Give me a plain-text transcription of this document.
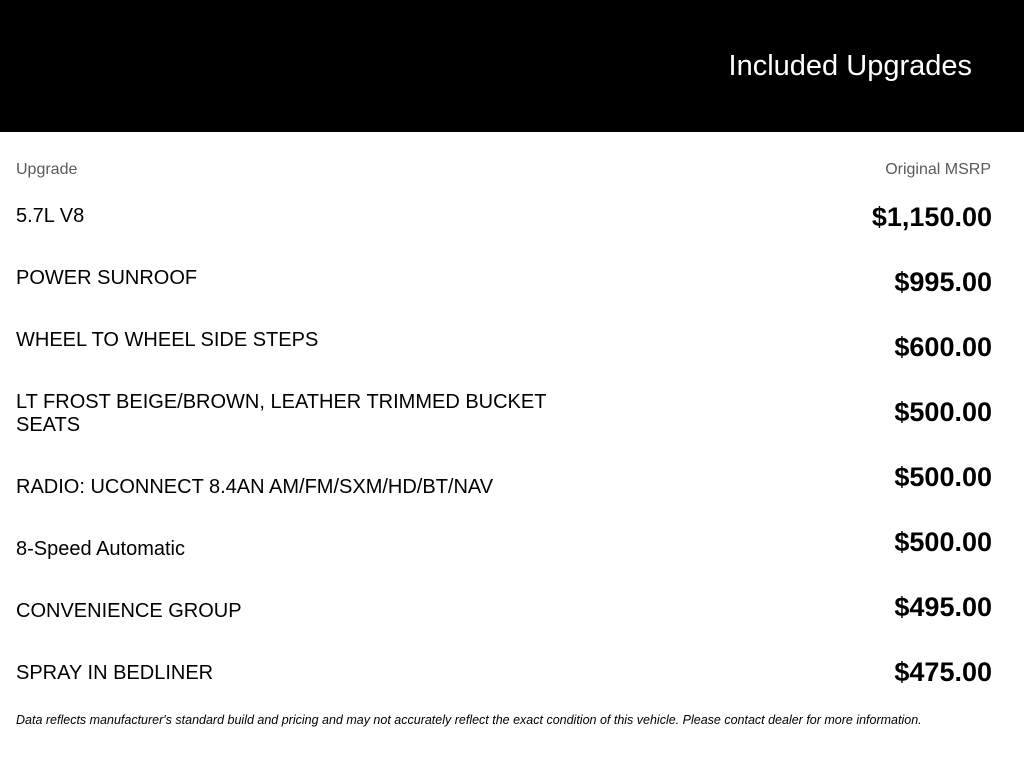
Included Upgrades
Upgrade	Original MSRP
5.7L V8	$1,150.00
POWER SUNROOF	$995.00
WHEEL TO WHEEL SIDE STEPS	$600.00
LT FROST BEIGE/BROWN, LEATHER TRIMMED BUCKET SEATS	$500.00
RADIO: UCONNECT 8.4AN AM/FM/SXM/HD/BT/NAV	$500.00
8-Speed Automatic	$500.00
CONVENIENCE GROUP	$495.00
SPRAY IN BEDLINER	$475.00
Data reflects manufacturer's standard build and pricing and may not accurately reflect the exact condition of this vehicle. Please contact dealer for more information.
